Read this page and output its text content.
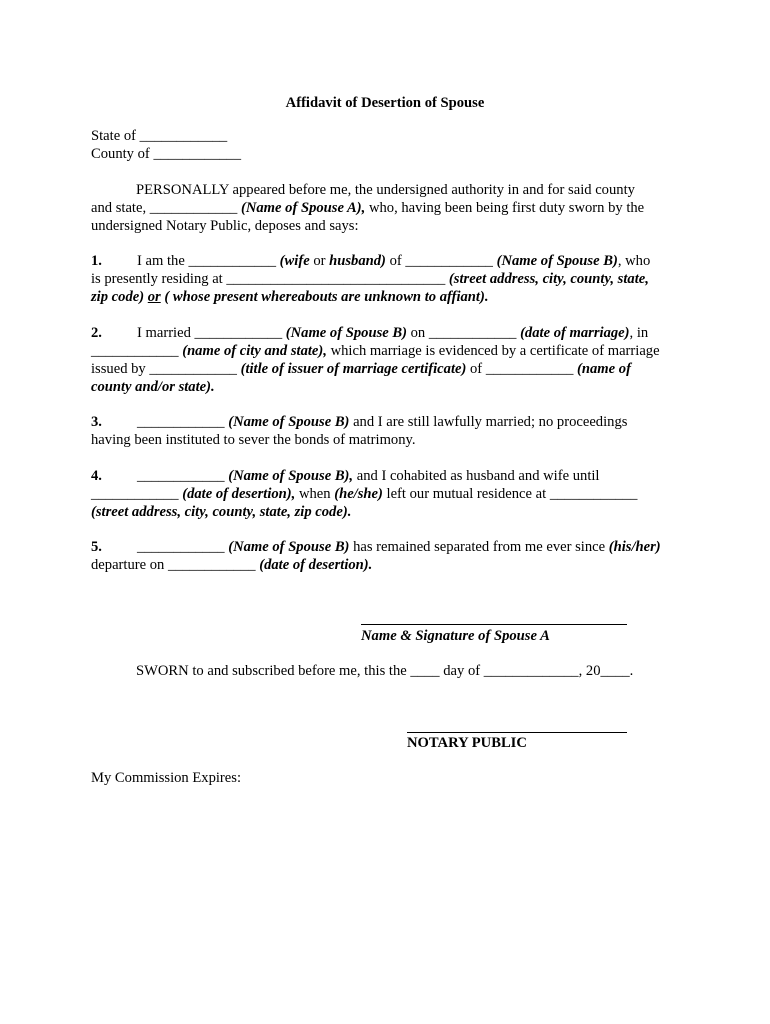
Affidavit of Desertion of Spouse
State of ____________
County of ____________
PERSONALLY appeared before me, the undersigned authority in and for said county
and state, ____________ (Name of Spouse A), who, having been being first duty sworn by the
undersigned Notary Public, deposes and says:
1. I am the ____________ (wife or husband) of ____________ (Name of Spouse B), who
is presently residing at ______________________________ (street address, city, county, state,
zip code) or ( whose present whereabouts are unknown to affiant).
2. I married ____________ (Name of Spouse B) on ____________ (date of marriage), in
____________ (name of city and state), which marriage is evidenced by a certificate of marriage
issued by ____________ (title of issuer of marriage certificate) of ____________ (name of
county and/or state).
3. ____________ (Name of Spouse B) and I are still lawfully married; no proceedings
having been instituted to sever the bonds of matrimony.
4. ____________ (Name of Spouse B), and I cohabited as husband and wife until
____________ (date of desertion), when (he/she) left our mutual residence at ____________
(street address, city, county, state, zip code).
5. ____________ (Name of Spouse B) has remained separated from me ever since (his/her)
departure on ____________ (date of desertion).
Name & Signature of Spouse A
SWORN to and subscribed before me, this the ____ day of _____________, 20____.
NOTARY PUBLIC
My Commission Expires:
